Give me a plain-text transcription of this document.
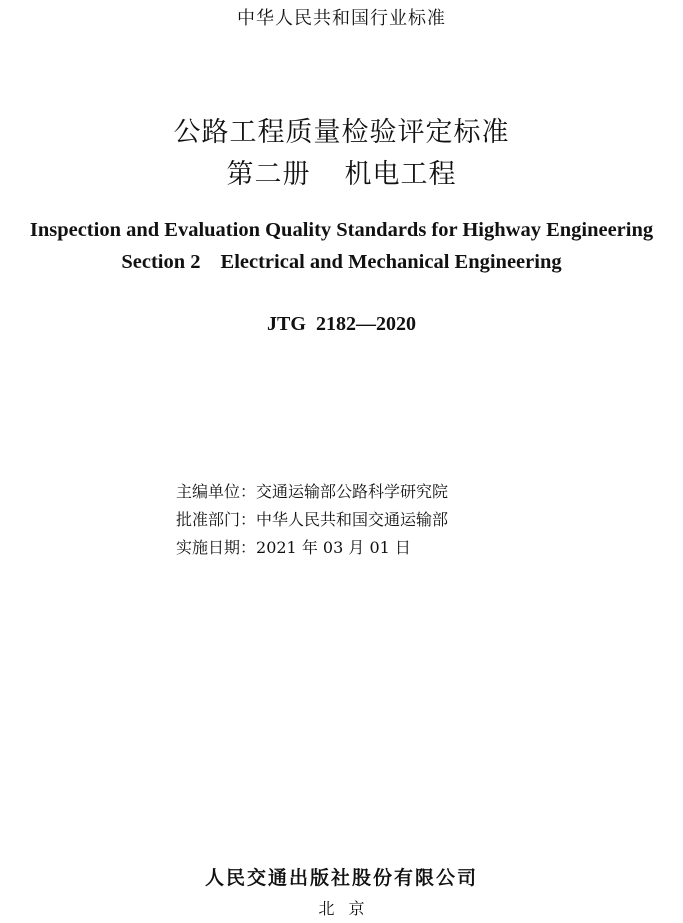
中华人民共和国行业标准
公路工程质量检验评定标准
第二册 机电工程
Inspection and Evaluation Quality Standards for Highway Engineering
Section 2 Electrical and Mechanical Engineering
JTG  2182—2020
主编单位：交通运输部公路科学研究院
批准部门：中华人民共和国交通运输部
实施日期：2021 年 03 月 01 日
人民交通出版社股份有限公司
北 京
